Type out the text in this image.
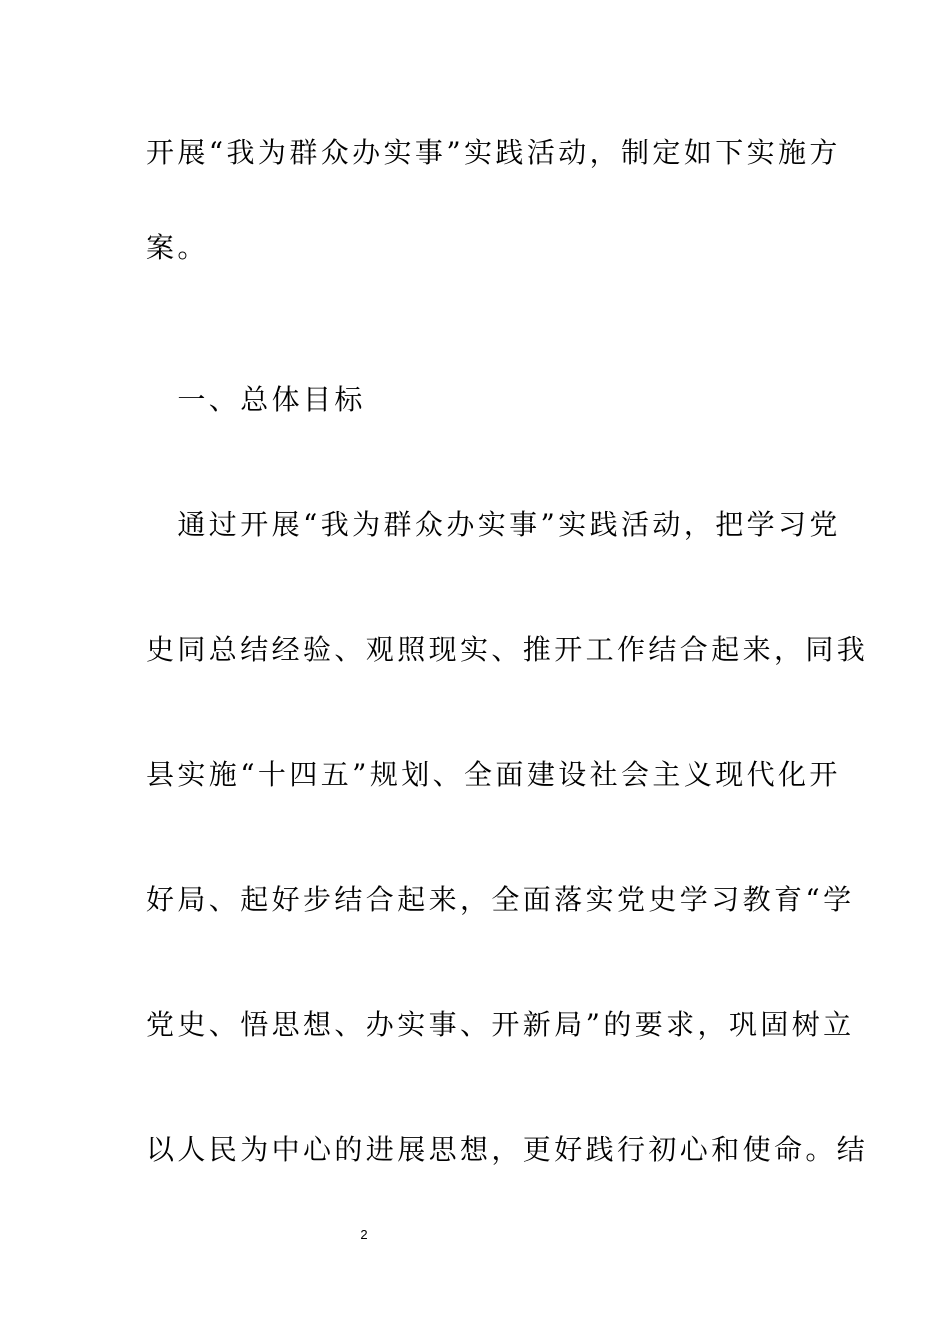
开展“我为群众办实事”实践活动，制定如下实施方
案。
　一、总体目标
　通过开展“我为群众办实事”实践活动，把学习党
史同总结经验、观照现实、推开工作结合起来，同我
县实施“十四五”规划、全面建设社会主义现代化开
好局、起好步结合起来，全面落实党史学习教育“学
党史、悟思想、办实事、开新局”的要求，巩固树立
以人民为中心的进展思想，更好践行初心和使命。结
2
